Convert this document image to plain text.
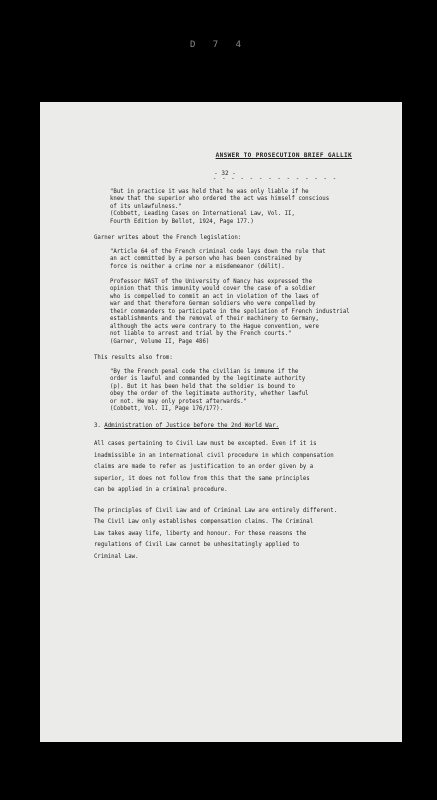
D 7 4
ANSWER TO PROSECUTION BRIEF GALLIK
- 32 -
- - - - - - - - - - - - - -

"But in practice it was held that he was only liable if he
knew that the superior who ordered the act was himself conscious
of its unlawfulness."
(Cobbett, Leading Cases on International Law, Vol. II,
Fourth Edition by Bellot, 1924, Page 177.)

Garner writes about the French legislation:

"Article 64 of the French criminal code lays down the rule that
an act committed by a person who has been constrained by
force is neither a crime nor a misdemeanor (délit).

Professor NAST of the University of Nancy has expressed the
opinion that this immunity would cover the case of a soldier
who is compelled to commit an act in violation of the laws of
war and that therefore German soldiers who were compelled by
their commanders to participate in the spoliation of French industrial
establishments and the removal of their machinery to Germany,
although the acts were contrary to the Hague convention, were
not liable to arrest and trial by the French courts."
(Garner, Volume II, Page 486)

This results also from:

"By the French penal code the civilian is immune if the
order is lawful and commanded by the legitimate authority
(p). But it has been held that the soldier is bound to
obey the order of the legitimate authority, whether lawful
or not. He may only protest afterwards."
(Cobbett, Vol. II, Page 176/177).

3. Administration of Justice before the 2nd World War.

All cases pertaining to Civil Law must be excepted. Even if it is
inadmissible in an international civil procedure in which compensation
claims are made to refer as justification to an order given by a
superior, it does not follow from this that the same principles
can be applied in a criminal procedure.

The principles of Civil Law and of Criminal Law are entirely different.
The Civil Law only establishes compensation claims. The Criminal
Law takes away life, liberty and honour. For these reasons the
regulations of Civil Law cannot be unhesitatingly applied to
Criminal Law.
